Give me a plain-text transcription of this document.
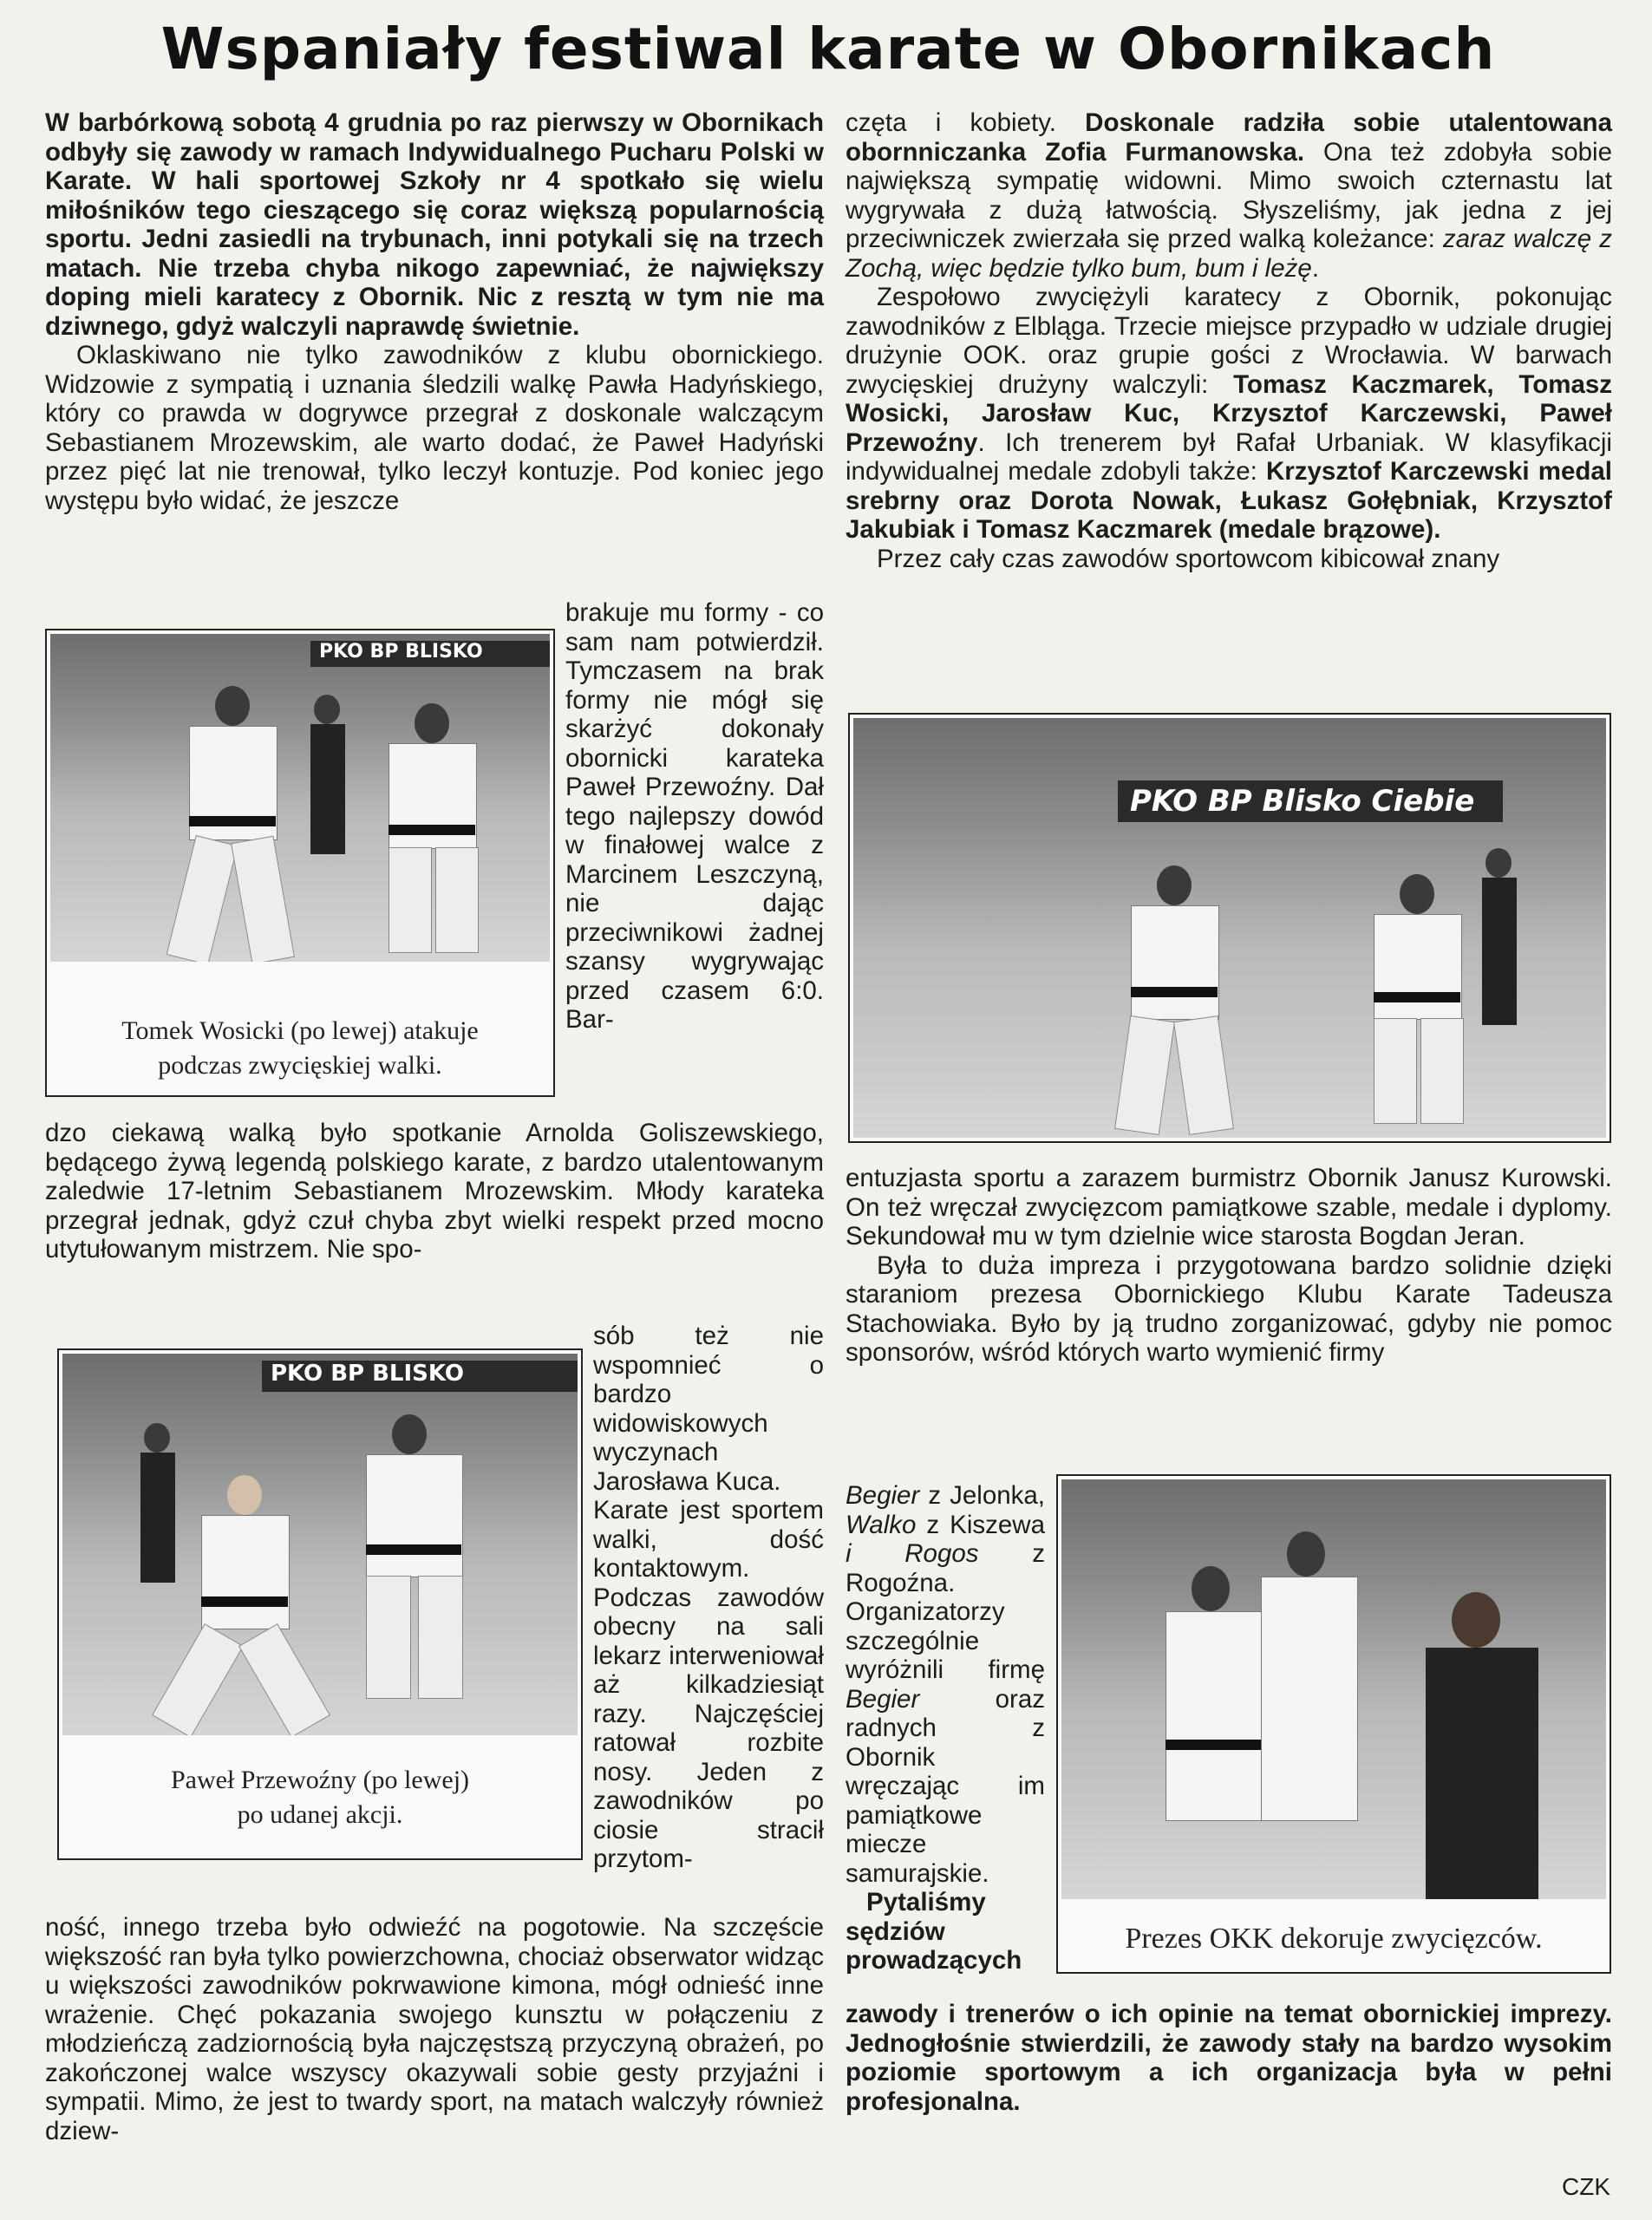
Wspaniały festiwal karate w Obornikach

W barbórkową sobotą 4 grudnia po raz pierwszy w Obornikach odbyły się zawody w ramach Indywidualnego Pucharu Polski w Karate. W hali sportowej Szkoły nr 4 spotkało się wielu miłośników tego cieszącego się coraz większą popularnością sportu. Jedni zasiedli na trybunach, inni potykali się na trzech matach. Nie trzeba chyba nikogo zapewniać, że największy doping mieli karatecy z Obornik. Nic z resztą w tym nie ma dziwnego, gdyż walczyli naprawdę świetnie.

Oklaskiwano nie tylko zawodników z klubu obornickiego. Widzowie z sympatią i uznania śledzili walkę Pawła Hadyńskiego, który co prawda w dogrywce przegrał z doskonale walczącym Sebastianem Mrozewskim, ale warto dodać, że Paweł Hadyński przez pięć lat nie trenował, tylko leczył kontuzje. Pod koniec jego występu było widać, że jeszcze

PKO BP BLISKO
Tomek Wosicki (po lewej) atakuje
podczas zwycięskiej walki.

brakuje mu formy - co sam nam potwierdził. Tymczasem na brak formy nie mógł się skarżyć dokonały obornicki karateka Paweł Przewoźny. Dał tego najlepszy dowód w finałowej walce z Marcinem Leszczyną, nie dając przeciwnikowi żadnej szansy wygrywając przed czasem 6:0. Bar-

dzo ciekawą walką było spotkanie Arnolda Goliszewskiego, będącego żywą legendą polskiego karate, z bardzo utalentowanym zaledwie 17-letnim Sebastianem Mrozewskim. Młody karateka przegrał jednak, gdyż czuł chyba zbyt wielki respekt przed mocno utytułowanym mistrzem. Nie spo-

PKO BP BLISKO
Paweł Przewoźny (po lewej)
po udanej akcji.

sób też nie wspomnieć o bardzo widowiskowych wyczynach Jarosława Kuca.

Karate jest sportem walki, dość kontaktowym. Podczas zawodów obecny na sali lekarz interweniował aż kilkadziesiąt razy. Najczęściej ratował rozbite nosy. Jeden z zawodników po ciosie stracił przytom-

ność, innego trzeba było odwieźć na pogotowie. Na szczęście większość ran była tylko powierzchowna, chociaż obserwator widząc u większości zawodników pokrwawione kimona, mógł odnieść inne wrażenie. Chęć pokazania swojego kunsztu w połączeniu z młodzieńczą zadziornością była najczęstszą przyczyną obrażeń, po zakończonej walce wszyscy okazywali sobie gesty przyjaźni i sympatii. Mimo, że jest to twardy sport, na matach walczyły również dziew-

częta i kobiety. Doskonale radziła sobie utalentowana obornniczanka Zofia Furmanowska. Ona też zdobyła sobie największą sympatię widowni. Mimo swoich czternastu lat wygrywała z dużą łatwością. Słyszeliśmy, jak jedna z jej przeciwniczek zwierzała się przed walką koleżance: zaraz walczę z Zochą, więc będzie tylko bum, bum i leżę.

Zespołowo zwyciężyli karatecy z Obornik, pokonując zawodników z Elbląga. Trzecie miejsce przypadło w udziale drugiej drużynie OOK. oraz grupie gości z Wrocławia. W barwach zwycięskiej drużyny walczyli: Tomasz Kaczmarek, Tomasz Wosicki, Jarosław Kuc, Krzysztof Karczewski, Paweł Przewoźny. Ich trenerem był Rafał Urbaniak. W klasyfikacji indywidualnej medale zdobyli także: Krzysztof Karczewski medal srebrny oraz Dorota Nowak, Łukasz Gołębniak, Krzysztof Jakubiak i Tomasz Kaczmarek (medale brązowe).

Przez cały czas zawodów sportowcom kibicował znany

PKO BP Blisko Ciebie

entuzjasta sportu a zarazem burmistrz Obornik Janusz Kurowski. On też wręczał zwycięzcom pamiątkowe szable, medale i dyplomy. Sekundował mu w tym dzielnie wice starosta Bogdan Jeran.

Była to duża impreza i przygotowana bardzo solidnie dzięki staraniom prezesa Obornickiego Klubu Karate Tadeusza Stachowiaka. Było by ją trudno zorganizować, gdyby nie pomoc sponsorów, wśród których warto wymienić firmy

Begier z Jelonka, Walko z Kiszewa i Rogos z Rogoźna. Organizatorzy szczególnie wyróżnili firmę Begier oraz radnych z Obornik wręczając im pamiątkowe miecze samurajskie.

Pytaliśmy sędziów prowadzących

Prezes OKK dekoruje zwycięzców.

zawody i trenerów o ich opinie na temat obornickiej imprezy. Jednogłośnie stwierdzili, że zawody stały na bardzo wysokim poziomie sportowym a ich organizacja była w pełni profesjonalna.

CZK
